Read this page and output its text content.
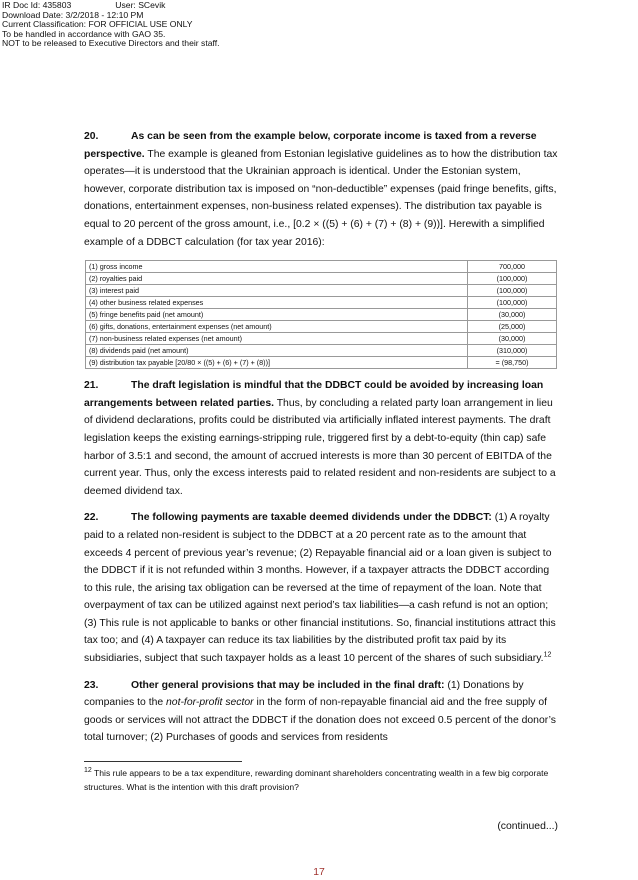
IR Doc Id: 435803	User: SCevik
Download Date: 3/2/2018 - 12:10 PM
Current Classification: FOR OFFICIAL USE ONLY
To be handled in accordance with GAO 35.
NOT to be released to Executive Directors and their staff.

20.	As can be seen from the example below, corporate income is taxed from a reverse perspective. The example is gleaned from Estonian legislative guidelines as to how the distribution tax operates—it is understood that the Ukrainian approach is identical. Under the Estonian system, however, corporate distribution tax is imposed on “non-deductible” expenses (paid fringe benefits, gifts, donations, entertainment expenses, non-business related expenses). The distribution tax payable is equal to 20 percent of the gross amount, i.e., [0.2 × ((5) + (6) + (7) + (8) + (9))]. Herewith a simplified example of a DDBCT calculation (for tax year 2016):

(1) gross income	700,000
(2) royalties paid	(100,000)
(3) interest paid	(100,000)
(4) other business related expenses	(100,000)
(5) fringe benefits paid (net amount)	(30,000)
(6) gifts, donations, entertainment expenses (net amount)	(25,000)
(7) non-business related expenses (net amount)	(30,000)
(8) dividends paid (net amount)	(310,000)
(9) distribution tax payable [20/80 × ((5) + (6) + (7) + (8))]	= (98,750)

21.	The draft legislation is mindful that the DDBCT could be avoided by increasing loan arrangements between related parties. Thus, by concluding a related party loan arrangement in lieu of dividend declarations, profits could be distributed via artificially inflated interest payments. The draft legislation keeps the existing earnings-stripping rule, triggered first by a debt-to-equity (thin cap) safe harbor of 3.5:1 and second, the amount of accrued interests is more than 30 percent of EBITDA of the current year. Thus, only the excess interests paid to related resident and non-residents are subject to a deemed dividend tax.

22.	The following payments are taxable deemed dividends under the DDBCT: (1) A royalty paid to a related non-resident is subject to the DDBCT at a 20 percent rate as to the amount that exceeds 4 percent of previous year’s revenue; (2) Repayable financial aid or a loan given is subject to the DDBCT if it is not refunded within 3 months. However, if a taxpayer attracts the DDBCT according to this rule, the arising tax obligation can be reversed at the time of repayment of the loan. Note that overpayment of tax can be utilized against next period’s tax liabilities—a cash refund is not an option; (3) This rule is not applicable to banks or other financial institutions. So, financial institutions attract this tax too; and (4) A taxpayer can reduce its tax liabilities by the distributed profit tax paid by its subsidiaries, subject that such taxpayer holds as a least 10 percent of the shares of such subsidiary.$^{12}$

23.	Other general provisions that may be included in the final draft: (1) Donations by companies to the not-for-profit sector in the form of non-repayable financial aid and the free supply of goods or services will not attract the DDBCT if the donation does not exceed 0.5 percent of the donor’s total turnover; (2) Purchases of goods and services from residents

$^{12}$ This rule appears to be a tax expenditure, rewarding dominant shareholders concentrating wealth in a few big corporate structures. What is the intention with this draft provision?
(continued...)
17
